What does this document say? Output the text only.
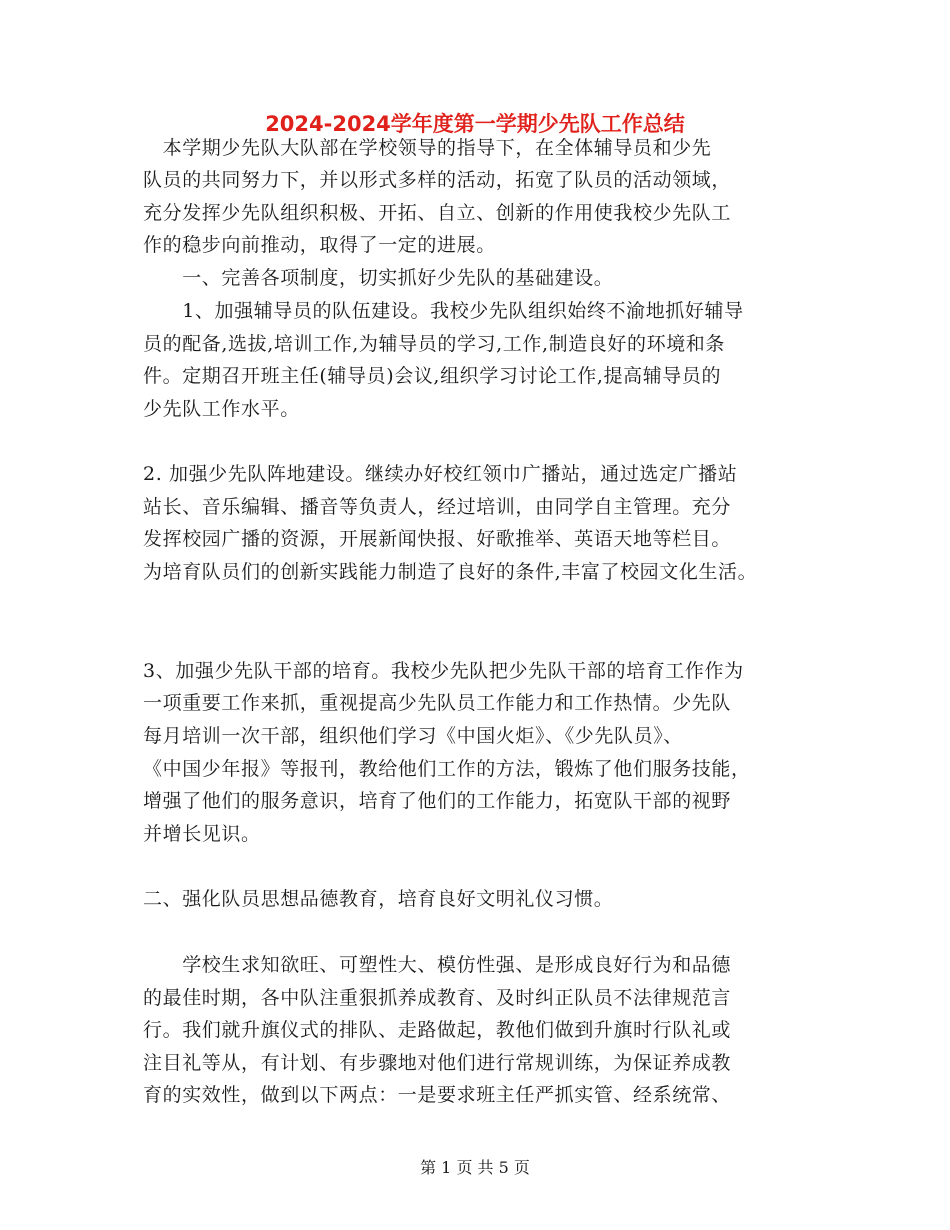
2024-2024学年度第一学期少先队工作总结
　本学期少先队大队部在学校领导的指导下，在全体辅导员和少先
队员的共同努力下，并以形式多样的活动，拓宽了队员的活动领域，
充分发挥少先队组织积极、开拓、自立、创新的作用使我校少先队工
作的稳步向前推动，取得了一定的进展。
　　一、完善各项制度，切实抓好少先队的基础建设。
　　1、加强辅导员的队伍建设。我校少先队组织始终不渝地抓好辅导
员的配备,选拔,培训工作,为辅导员的学习,工作,制造良好的环境和条
件。定期召开班主任(辅导员)会议,组织学习讨论工作,提高辅导员的
少先队工作水平。
2. 加强少先队阵地建设。继续办好校红领巾广播站，通过选定广播站
站长、音乐编辑、播音等负责人，经过培训，由同学自主管理。充分
发挥校园广播的资源，开展新闻快报、好歌推举、英语天地等栏目。
为培育队员们的创新实践能力制造了良好的条件,丰富了校园文化生活。
3、加强少先队干部的培育。我校少先队把少先队干部的培育工作作为
一项重要工作来抓，重视提高少先队员工作能力和工作热情。少先队
每月培训一次干部，组织他们学习《中国火炬》、《少先队员》、
《中国少年报》等报刊，教给他们工作的方法，锻炼了他们服务技能，
增强了他们的服务意识，培育了他们的工作能力，拓宽队干部的视野
并增长见识。
二、强化队员思想品德教育，培育良好文明礼仪习惯。
　　学校生求知欲旺、可塑性大、模仿性强、是形成良好行为和品德
的最佳时期，各中队注重狠抓养成教育、及时纠正队员不法律规范言
行。我们就升旗仪式的排队、走路做起，教他们做到升旗时行队礼或
注目礼等从，有计划、有步骤地对他们进行常规训练，为保证养成教
育的实效性，做到以下两点：一是要求班主任严抓实管、经系统常、
第 1 页 共 5 页
